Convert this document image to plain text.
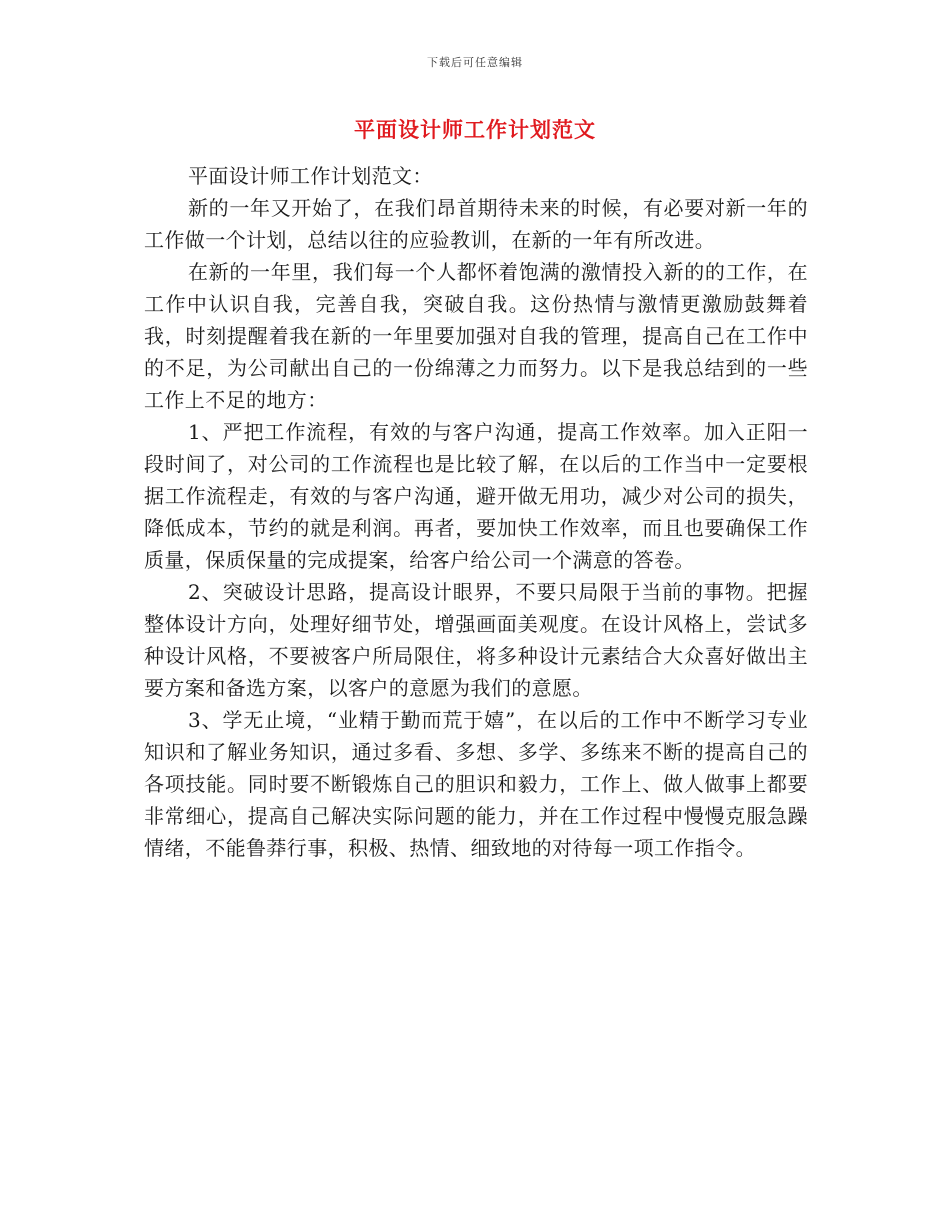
下载后可任意编辑
平面设计师工作计划范文

平面设计师工作计划范文：

新的一年又开始了，在我们昂首期待未来的时候，有必要对新一年的工作做一个计划，总结以往的应验教训，在新的一年有所改进。

在新的一年里，我们每一个人都怀着饱满的激情投入新的的工作，在工作中认识自我，完善自我，突破自我。这份热情与激情更激励鼓舞着我，时刻提醒着我在新的一年里要加强对自我的管理，提高自己在工作中的不足，为公司献出自己的一份绵薄之力而努力。以下是我总结到的一些工作上不足的地方：

1、严把工作流程，有效的与客户沟通，提高工作效率。加入正阳一段时间了，对公司的工作流程也是比较了解，在以后的工作当中一定要根据工作流程走，有效的与客户沟通，避开做无用功，减少对公司的损失，降低成本，节约的就是利润。再者，要加快工作效率，而且也要确保工作质量，保质保量的完成提案，给客户给公司一个满意的答卷。

2、突破设计思路，提高设计眼界，不要只局限于当前的事物。把握整体设计方向，处理好细节处，增强画面美观度。在设计风格上，尝试多种设计风格，不要被客户所局限住，将多种设计元素结合大众喜好做出主要方案和备选方案，以客户的意愿为我们的意愿。

3、学无止境，“业精于勤而荒于嬉”，在以后的工作中不断学习专业知识和了解业务知识，通过多看、多想、多学、多练来不断的提高自己的各项技能。同时要不断锻炼自己的胆识和毅力，工作上、做人做事上都要非常细心，提高自己解决实际问题的能力，并在工作过程中慢慢克服急躁情绪，不能鲁莽行事，积极、热情、细致地的对待每一项工作指令。
